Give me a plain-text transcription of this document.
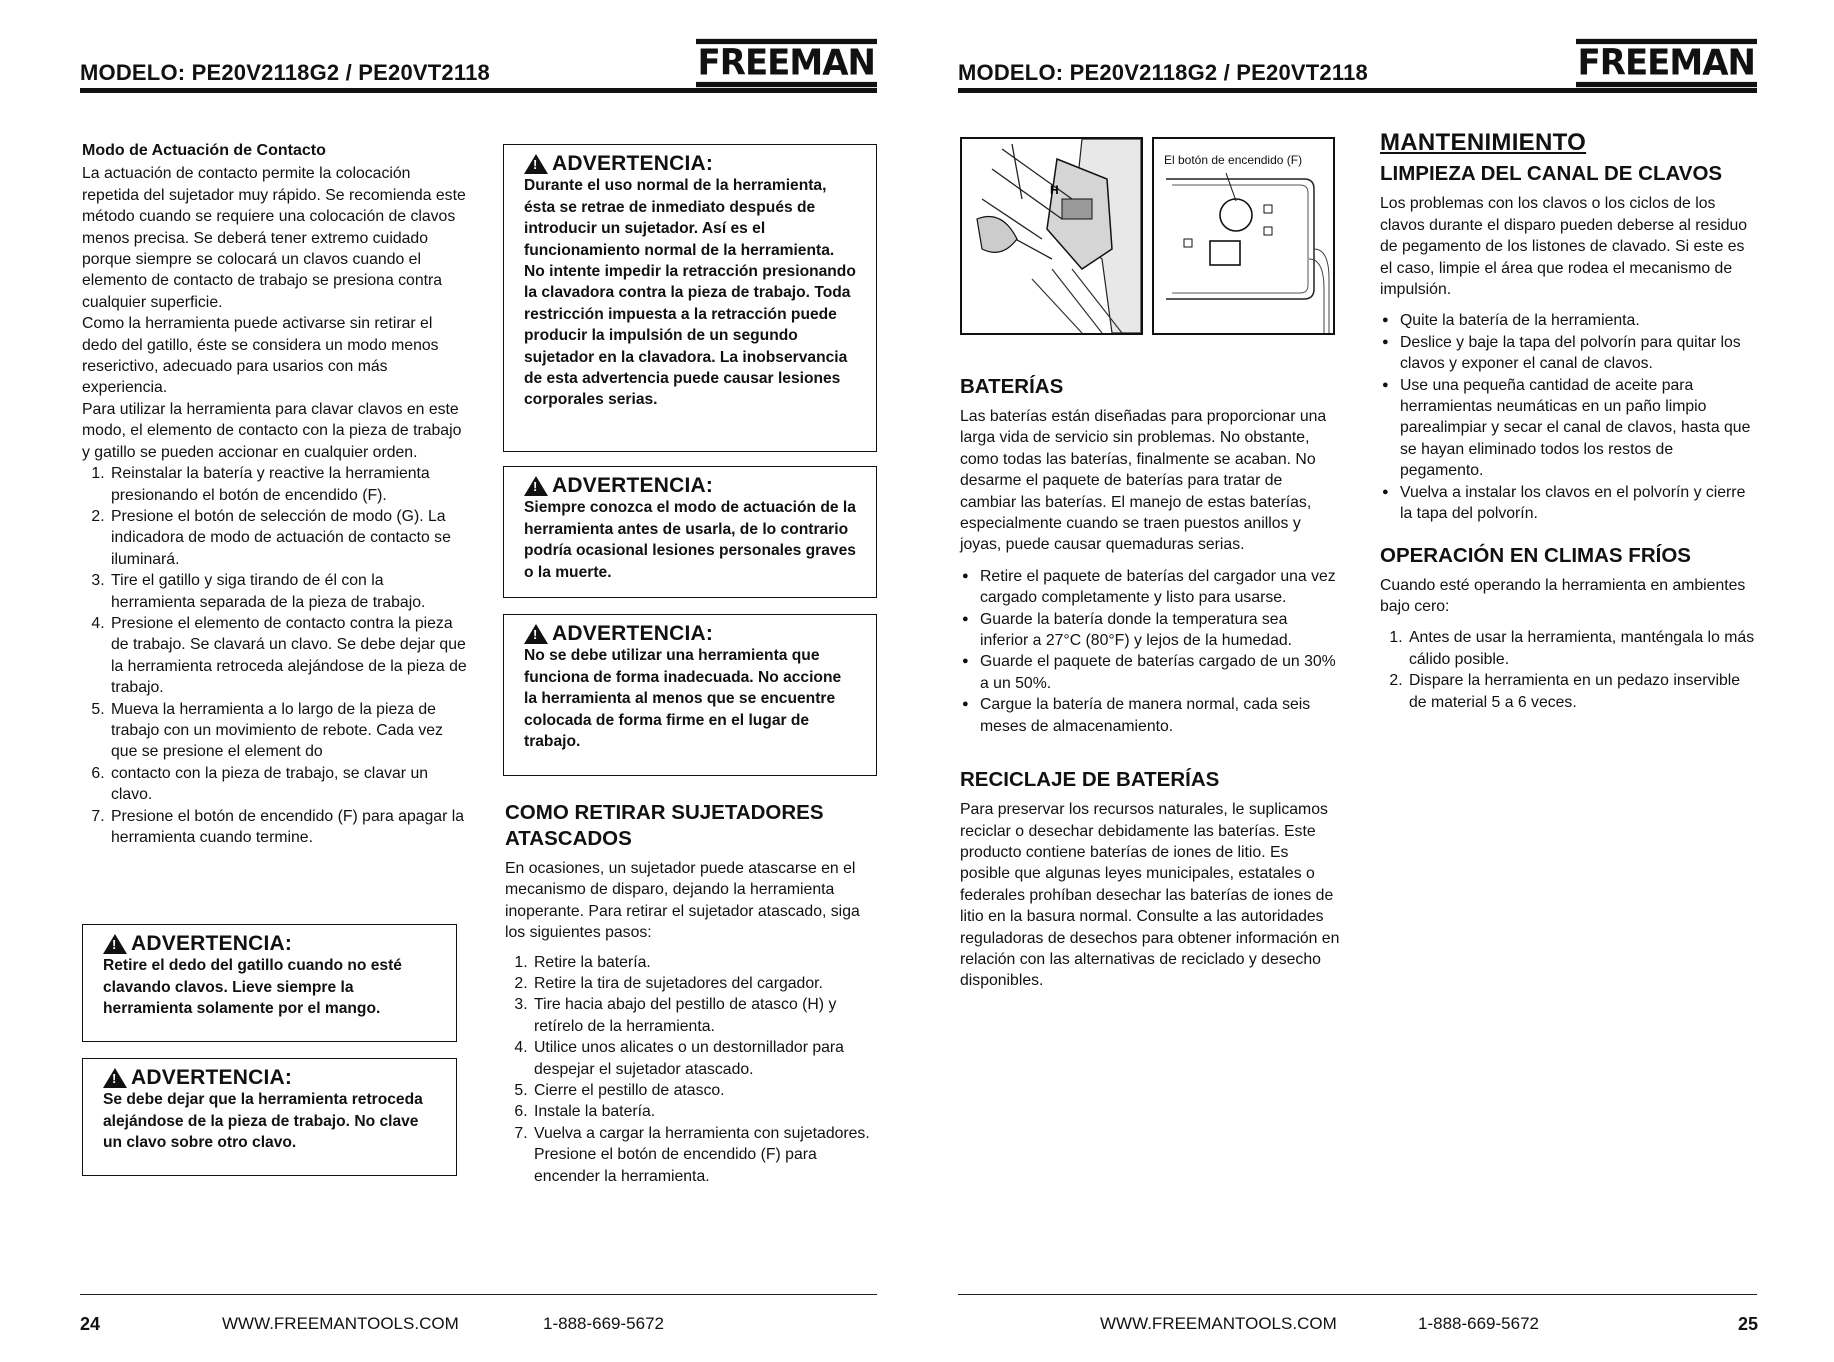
MODELO: PE20V2118G2 / PE20VT2118	FREEMAN
Modo de Actuación de Contacto

La actuación de contacto permite la colocación repetida del sujetador muy rápido. Se recomienda este método cuando se requiere una colocación de clavos menos precisa. Se deberá tener extremo cuidado porque siempre se colocará un clavos cuando el elemento de contacto de trabajo se presiona contra cualquier superficie.

Como la herramienta puede activarse sin retirar el dedo del gatillo, éste se considera un modo menos reserictivo, adecuado para usarios con más experiencia.

Para utilizar la herramienta para clavar clavos en este modo, el elemento de contacto con la pieza de trabajo y gatillo se pueden accionar en cualquier orden.

1. Reinstalar la batería y reactive la herramienta presionando el botón de encendido (F).
2. Presione el botón de selección de modo (G). La indicadora de modo de actuación de contacto se iluminará.
3. Tire el gatillo y siga tirando de él con la herramienta separada de la pieza de trabajo.
4. Presione el elemento de contacto contra la pieza de trabajo. Se clavará un clavo. Se debe dejar que la herramienta retroceda alejándose de la pieza de trabajo.
5. Mueva la herramienta a lo largo de la pieza de trabajo con un movimiento de rebote. Cada vez que se presione el element do
6. contacto con la pieza de trabajo, se clavar un clavo.
7. Presione el botón de encendido (F) para apagar la herramienta cuando termine.
!
ADVERTENCIA:
Retire el dedo del gatillo cuando no esté clavando clavos. Lieve siempre la herramienta solamente por el mango.
!
ADVERTENCIA:
Se debe dejar que la herramienta retroceda alejándose de la pieza de trabajo. No clave un clavo sobre otro clavo.
!
ADVERTENCIA:
Durante el uso normal de la herramienta, ésta se retrae de inmediato después de introducir un sujetador. Así es el funcionamiento normal de la herramienta. No intente impedir la retracción presionando la clavadora contra la pieza de trabajo. Toda restricción impuesta a la retracción puede producir la impulsión de un segundo sujetador en la clavadora. La inobservancia de esta advertencia puede causar lesiones corporales serias.
!
ADVERTENCIA:
Siempre conozca el modo de actuación de la herramienta antes de usarla, de lo contrario podría ocasional lesiones personales graves o la muerte.
!
ADVERTENCIA:
No se debe utilizar una herramienta que funciona de forma inadecuada. No accione la herramienta al menos que se encuentre colocada de forma firme en el lugar de trabajo.
COMO RETIRAR SUJETADORES ATASCADOS

En ocasiones, un sujetador puede atascarse en el mecanismo de disparo, dejando la herramienta inoperante. Para retirar el sujetador atascado, siga los siguientes pasos:

1. Retire la batería.
2. Retire la tira de sujetadores del cargador.
3. Tire hacia abajo del pestillo de atasco (H) y retírelo de la herramienta.
4. Utilice unos alicates o un destornillador para despejar el sujetador atascado.
5. Cierre el pestillo de atasco.
6. Instale la batería.
7. Vuelva a cargar la herramienta con sujetadores. Presione el botón de encendido (F) para encender la herramienta.
24	WWW.FREEMANTOOLS.COM	1-888-669-5672
MODELO: PE20V2118G2 / PE20VT2118	FREEMAN
H
El botón de encendido (F)
BATERÍAS

Las baterías están diseñadas para proporcionar una larga vida de servicio sin problemas. No obstante, como todas las baterías, finalmente se acaban. No desarme el paquete de baterías para tratar de cambiar las baterías. El manejo de estas baterías, especialmente cuando se traen puestos anillos y joyas, puede causar quemaduras serias.

● Retire el paquete de baterías del cargador una vez cargado completamente y listo para usarse.
● Guarde la batería donde la temperatura sea inferior a 27°C (80°F) y lejos de la humedad.
● Guarde el paquete de baterías cargado de un 30% a un 50%.
● Cargue la batería de manera normal, cada seis meses de almacenamiento.
RECICLAJE DE BATERÍAS

Para preservar los recursos naturales, le suplicamos reciclar o desechar debidamente las baterías. Este producto contiene baterías de iones de litio. Es posible que algunas leyes municipales, estatales o federales prohíban desechar las baterías de iones de litio en la basura normal. Consulte a las autoridades reguladoras de desechos para obtener información en relación con las alternativas de reciclado y desecho disponibles.

MANTENIMIENTO
LIMPIEZA DEL CANAL DE CLAVOS

Los problemas con los clavos o los ciclos de los clavos durante el disparo pueden deberse al residuo de pegamento de los listones de clavado. Si este es el caso, limpie el área que rodea el mecanismo de impulsión.

● Quite la batería de la herramienta.
● Deslice y baje la tapa del polvorín para quitar los clavos y exponer el canal de clavos.
● Use una pequeña cantidad de aceite para herramientas neumáticas en un paño limpio parealimpiar y secar el canal de clavos, hasta que se hayan eliminado todos los restos de pegamento.
● Vuelva a instalar los clavos en el polvorín y cierre la tapa del polvorín.
OPERACIÓN EN CLIMAS FRÍOS

Cuando esté operando la herramienta en ambientes bajo cero:

1. Antes de usar la herramienta, manténgala lo más cálido posible.
2. Dispare la herramienta en un pedazo inservible de material 5 a 6 veces.
WWW.FREEMANTOOLS.COM	1-888-669-5672	25
